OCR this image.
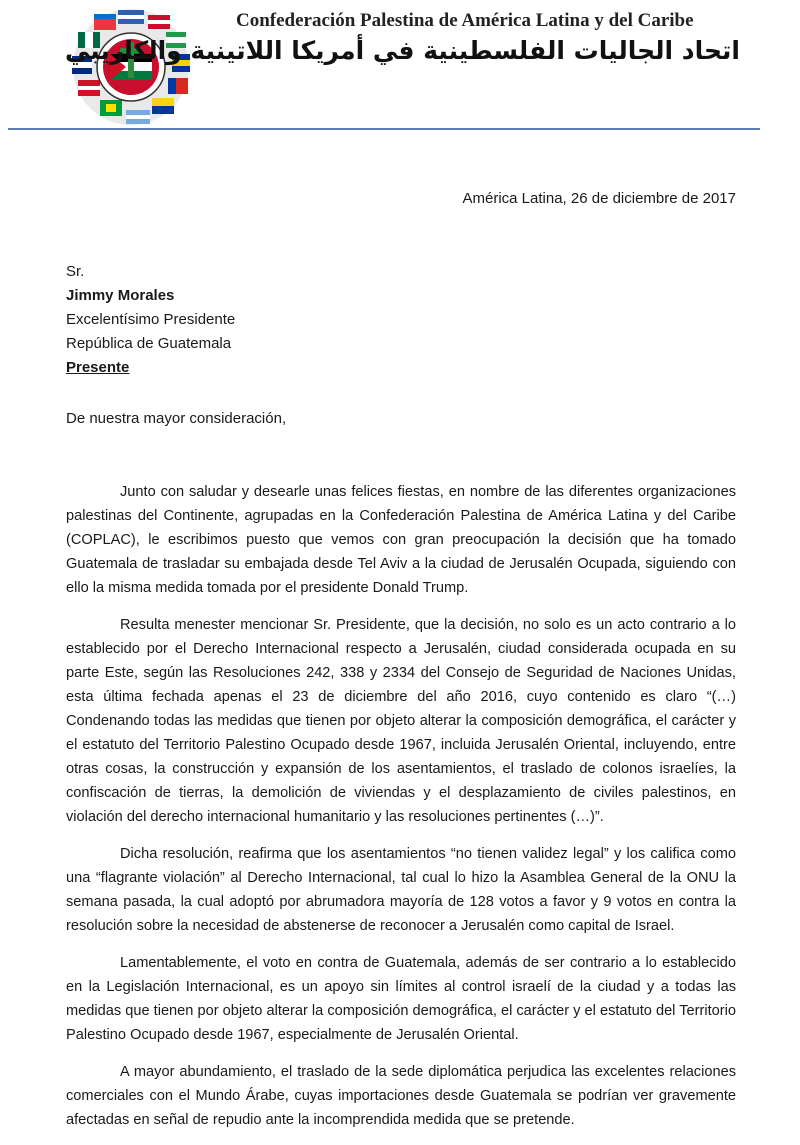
Confederación Palestina de América Latina y del Caribe
اتحاد الجاليات الفلسطينية في أمريكا اللاتينية والكاريبي
América Latina, 26 de diciembre de 2017
Sr.
Jimmy Morales
Excelentísimo Presidente
República de Guatemala
Presente
De nuestra mayor consideración,

Junto con saludar y desearle unas felices fiestas, en nombre de las diferentes organizaciones palestinas del Continente, agrupadas en la Confederación Palestina de América Latina y del Caribe (COPLAC), le escribimos puesto que vemos con gran preocupación la decisión que ha tomado Guatemala de trasladar su embajada desde Tel Aviv a la ciudad de Jerusalén Ocupada, siguiendo con ello la misma medida tomada por el presidente Donald Trump.

Resulta menester mencionar Sr. Presidente, que la decisión, no solo es un acto contrario a lo establecido por el Derecho Internacional respecto a Jerusalén, ciudad considerada ocupada en su parte Este, según las Resoluciones 242, 338 y 2334 del Consejo de Seguridad de Naciones Unidas, esta última fechada apenas el 23 de diciembre del año 2016, cuyo contenido es claro “(…) Condenando todas las medidas que tienen por objeto alterar la composición demográfica, el carácter y el estatuto del Territorio Palestino Ocupado desde 1967, incluida Jerusalén Oriental, incluyendo, entre otras cosas, la construcción y expansión de los asentamientos, el traslado de colonos israelíes, la confiscación de tierras, la demolición de viviendas y el desplazamiento de civiles palestinos, en violación del derecho internacional humanitario y las resoluciones pertinentes (…)”.

Dicha resolución, reafirma que los asentamientos “no tienen validez legal” y los califica como una “flagrante violación” al Derecho Internacional, tal cual lo hizo la Asamblea General de la ONU la semana pasada, la cual adoptó por abrumadora mayoría de 128 votos a favor y 9 votos en contra la resolución sobre la necesidad de abstenerse de reconocer a Jerusalén como capital de Israel.

Lamentablemente, el voto en contra de Guatemala, además de ser contrario a lo establecido en la Legislación Internacional, es un apoyo sin límites al control israelí de la ciudad y a todas las medidas que tienen por objeto alterar la composición demográfica, el carácter y el estatuto del Territorio Palestino Ocupado desde 1967, especialmente de Jerusalén Oriental.

A mayor abundamiento, el traslado de la sede diplomática perjudica las excelentes relaciones comerciales con el Mundo Árabe, cuyas importaciones desde Guatemala se podrían ver gravemente afectadas en señal de repudio ante la incomprendida medida que se pretende.
